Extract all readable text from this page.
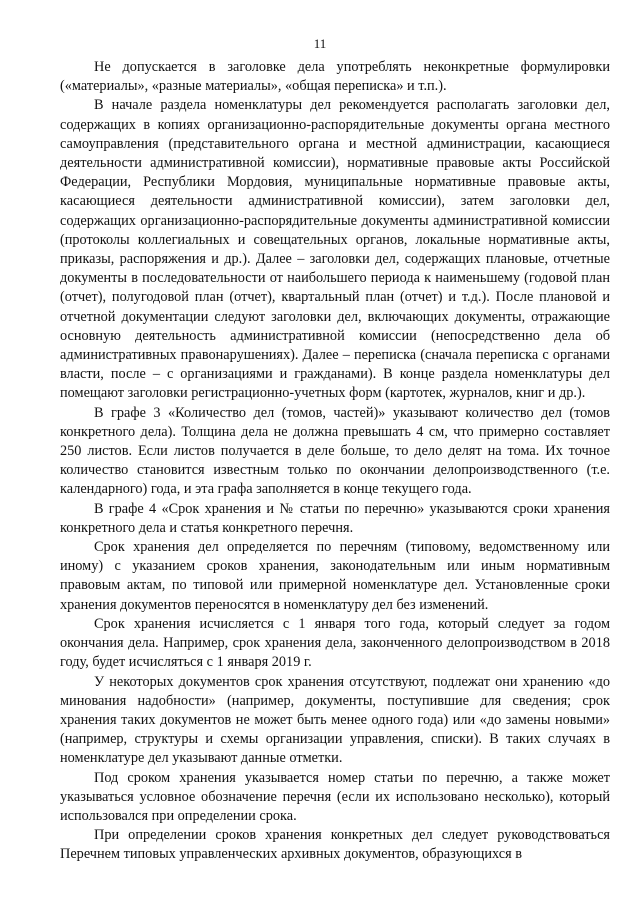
11

Не допускается в заголовке дела употреблять неконкретные формулировки («материалы», «разные материалы», «общая переписка» и т.п.).

В начале раздела номенклатуры дел рекомендуется располагать заголовки дел, содержащих в копиях организационно-распорядительные документы органа местного самоуправления (представительного органа и местной администрации, касающиеся деятельности административной комиссии), нормативные правовые акты Российской Федерации, Республики Мордовия, муниципальные нормативные правовые акты, касающиеся деятельности административной комиссии), затем заголовки дел, содержащих организационно-распорядительные документы административной комиссии (протоколы коллегиальных и совещательных органов, локальные нормативные акты, приказы, распоряжения и др.). Далее – заголовки дел, содержащих плановые, отчетные документы в последовательности от наибольшего периода к наименьшему (годовой план (отчет), полугодовой план (отчет), квартальный план (отчет) и т.д.). После плановой и отчетной документации следуют заголовки дел, включающих документы, отражающие основную деятельность административной комиссии (непосредственно дела об административных правонарушениях). Далее – переписка (сначала переписка с органами власти, после – с организациями и гражданами). В конце раздела номенклатуры дел помещают заголовки регистрационно-учетных форм (картотек, журналов, книг и др.).

В графе 3 «Количество дел (томов, частей)» указывают количество дел (томов конкретного дела). Толщина дела не должна превышать 4 см, что примерно составляет 250 листов. Если листов получается в деле больше, то дело делят на тома. Их точное количество становится известным только по окончании делопроизводственного (т.е. календарного) года, и эта графа заполняется в конце текущего года.

В графе 4 «Срок хранения и № статьи по перечню» указываются сроки хранения конкретного дела и статья конкретного перечня.

Срок хранения дел определяется по перечням (типовому, ведомственному или иному) с указанием сроков хранения, законодательным или иным нормативным правовым актам, по типовой или примерной номенклатуре дел. Установленные сроки хранения документов переносятся в номенклатуру дел без изменений.

Срок хранения исчисляется с 1 января того года, который следует за годом окончания дела. Например, срок хранения дела, законченного делопроизводством в 2018 году, будет исчисляться с 1 января 2019 г.

У некоторых документов срок хранения отсутствуют, подлежат они хранению «до минования надобности» (например, документы, поступившие для сведения; срок хранения таких документов не может быть менее одного года) или «до замены новыми» (например, структуры и схемы организации управления, списки). В таких случаях в номенклатуре дел указывают данные отметки.

Под сроком хранения указывается номер статьи по перечню, а также может указываться условное обозначение перечня (если их использовано несколько), который использовался при определении срока.

При определении сроков хранения конкретных дел следует руководствоваться Перечнем типовых управленческих архивных документов, образующихся в
